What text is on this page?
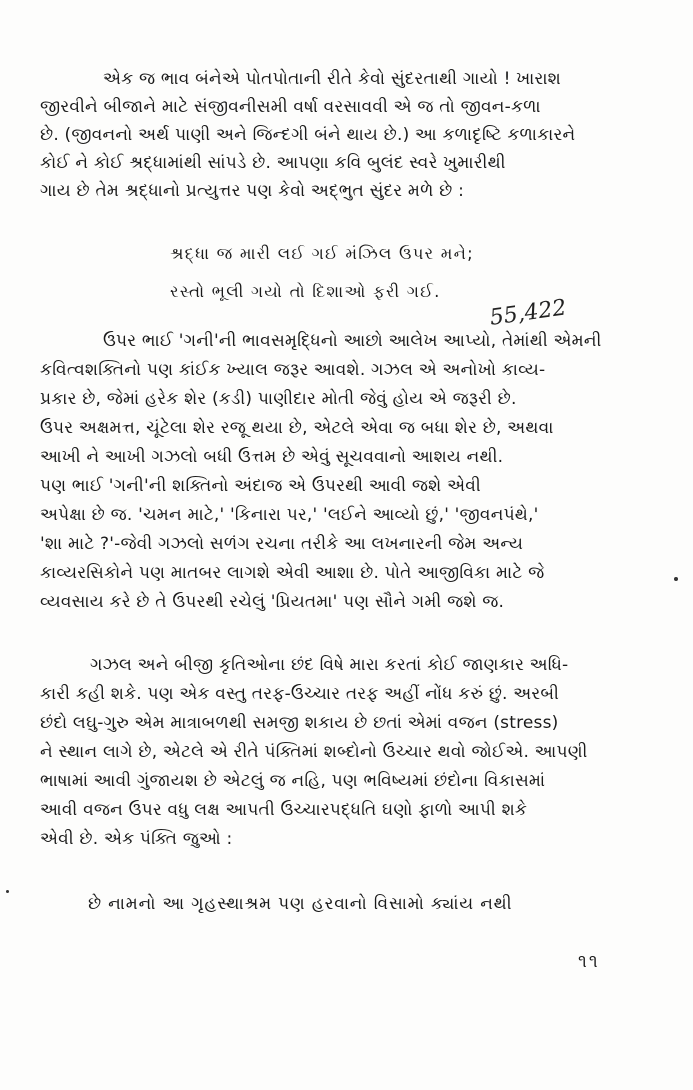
એક જ ભાવ બંનેએ પોતપોતાની રીતે કેવો સુંદરતાથી ગાયો ! ખારાશ
જીરવીને બીજાને માટે સંજીવનીસમી વર્ષા વરસાવવી એ જ તો જીવન-કળા
છે. (જીવનનો અર્થ પાણી અને જિન્દગી બંને થાય છે.) આ કળાદૃષ્ટિ કળાકારને
કોઈ ને કોઈ શ્રદ્ધામાંથી સાંપડે છે. આપણા કવિ બુલંદ સ્વરે ખુમારીથી
ગાય છે તેમ શ્રદ્ધાનો પ્રત્યુત્તર પણ કેવો અદ્ભુત સુંદર મળે છે :
શ્રદ્ધા જ મારી લઈ ગઈ મંઝિલ ઉપર મને;
રસ્તો ભૂલી ગયો તો દિશાઓ ફરી ગઈ.
55,422
ઉપર ભાઈ 'ગની'ની ભાવસમૃદ્ધિનો આછો આલેખ આપ્યો, તેમાંથી એમની
કવિત્વશક્તિનો પણ કાંઈક ખ્યાલ જરૂર આવશે. ગઝલ એ અનોખો કાવ્ય-
પ્રકાર છે, જેમાં હરેક શેર (કડી) પાણીદાર મોતી જેવું હોય એ જરૂરી છે.
ઉપર અક્ષમત્ત, ચૂંટેલા શેર રજૂ થયા છે, એટલે એવા જ બધા શેર છે, અથવા
આખી ને આખી ગઝલો બધી ઉત્તમ છે એવું સૂચવવાનો આશય નથી.
પણ ભાઈ 'ગની'ની શક્તિનો અંદાજ એ ઉપરથી આવી જશે એવી
અપેક્ષા છે જ. 'ચમન માટે,' 'કિનારા પર,' 'લઈને આવ્યો છું,' 'જીવનપંથે,'
'શા માટે ?'-જેવી ગઝલો સળંગ રચના તરીકે આ લખનારની જેમ અન્ય
કાવ્યરસિકોને પણ માતબર લાગશે એવી આશા છે. પોતે આજીવિકા માટે જે
વ્યવસાય કરે છે તે ઉપરથી રચેલું 'પ્રિયતમા' પણ સૌને ગમી જશે જ.
ગઝલ અને બીજી કૃતિઓના છંદ વિષે મારા કરતાં કોઈ જાણકાર અધિ-
કારી કહી શકે. પણ એક વસ્તુ તરફ-ઉચ્ચાર તરફ અહીં નોંધ કરું છું. અરબી
છંદો લઘુ-ગુરુ એમ માત્રાબળથી સમજી શકાય છે છતાં એમાં વજન (stress)
ને સ્થાન લાગે છે, એટલે એ રીતે પંક્તિમાં શબ્દોનો ઉચ્ચાર થવો જોઈએ. આપણી
ભાષામાં આવી ગુંજાયશ છે એટલું જ નહિ, પણ ભવિષ્યમાં છંદોના વિકાસમાં
આવી વજન ઉપર વધુ લક્ષ આપતી ઉચ્ચારપદ્ધતિ ઘણો ફાળો આપી શકે
એવી છે. એક પંક્તિ જુઓ :
છે નામનો આ ગૃહસ્થાશ્રમ પણ હરવાનો વિસામો ક્યાંય નથી
૧૧
